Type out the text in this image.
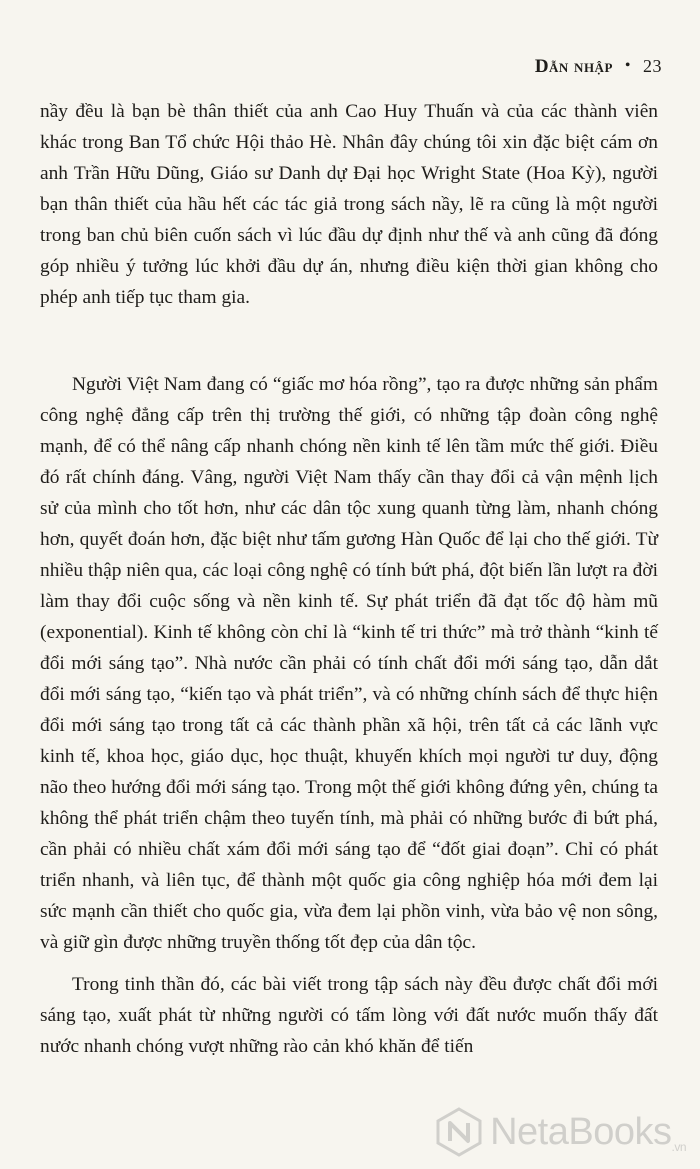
Dẫn nhập • 23

nầy đều là bạn bè thân thiết của anh Cao Huy Thuấn và của các thành viên khác trong Ban Tổ chức Hội thảo Hè. Nhân đây chúng tôi xin đặc biệt cám ơn anh Trần Hữu Dũng, Giáo sư Danh dự Đại học Wright State (Hoa Kỳ), người bạn thân thiết của hầu hết các tác giả trong sách nầy, lẽ ra cũng là một người trong ban chủ biên cuốn sách vì lúc đầu dự định như thế và anh cũng đã đóng góp nhiều ý tưởng lúc khởi đầu dự án, nhưng điều kiện thời gian không cho phép anh tiếp tục tham gia.

Người Việt Nam đang có “giấc mơ hóa rồng”, tạo ra được những sản phẩm công nghệ đẳng cấp trên thị trường thế giới, có những tập đoàn công nghệ mạnh, để có thể nâng cấp nhanh chóng nền kinh tế lên tầm mức thế giới. Điều đó rất chính đáng. Vâng, người Việt Nam thấy cần thay đổi cả vận mệnh lịch sử của mình cho tốt hơn, như các dân tộc xung quanh từng làm, nhanh chóng hơn, quyết đoán hơn, đặc biệt như tấm gương Hàn Quốc để lại cho thế giới. Từ nhiều thập niên qua, các loại công nghệ có tính bứt phá, đột biến lần lượt ra đời làm thay đổi cuộc sống và nền kinh tế. Sự phát triển đã đạt tốc độ hàm mũ (exponential). Kinh tế không còn chỉ là “kinh tế tri thức” mà trở thành “kinh tế đổi mới sáng tạo”. Nhà nước cần phải có tính chất đổi mới sáng tạo, dẫn dắt đổi mới sáng tạo, “kiến tạo và phát triển”, và có những chính sách để thực hiện đổi mới sáng tạo trong tất cả các thành phần xã hội, trên tất cả các lãnh vực kinh tế, khoa học, giáo dục, học thuật, khuyến khích mọi người tư duy, động não theo hướng đổi mới sáng tạo. Trong một thế giới không đứng yên, chúng ta không thể phát triển chậm theo tuyến tính, mà phải có những bước đi bứt phá, cần phải có nhiều chất xám đổi mới sáng tạo để “đốt giai đoạn”. Chỉ có phát triển nhanh, và liên tục, để thành một quốc gia công nghiệp hóa mới đem lại sức mạnh cần thiết cho quốc gia, vừa đem lại phồn vinh, vừa bảo vệ non sông, và giữ gìn được những truyền thống tốt đẹp của dân tộc.

Trong tinh thần đó, các bài viết trong tập sách này đều được chất đổi mới sáng tạo, xuất phát từ những người có tấm lòng với đất nước muốn thấy đất nước nhanh chóng vượt những rào cản khó khăn để tiến

NetaBooks.vn
